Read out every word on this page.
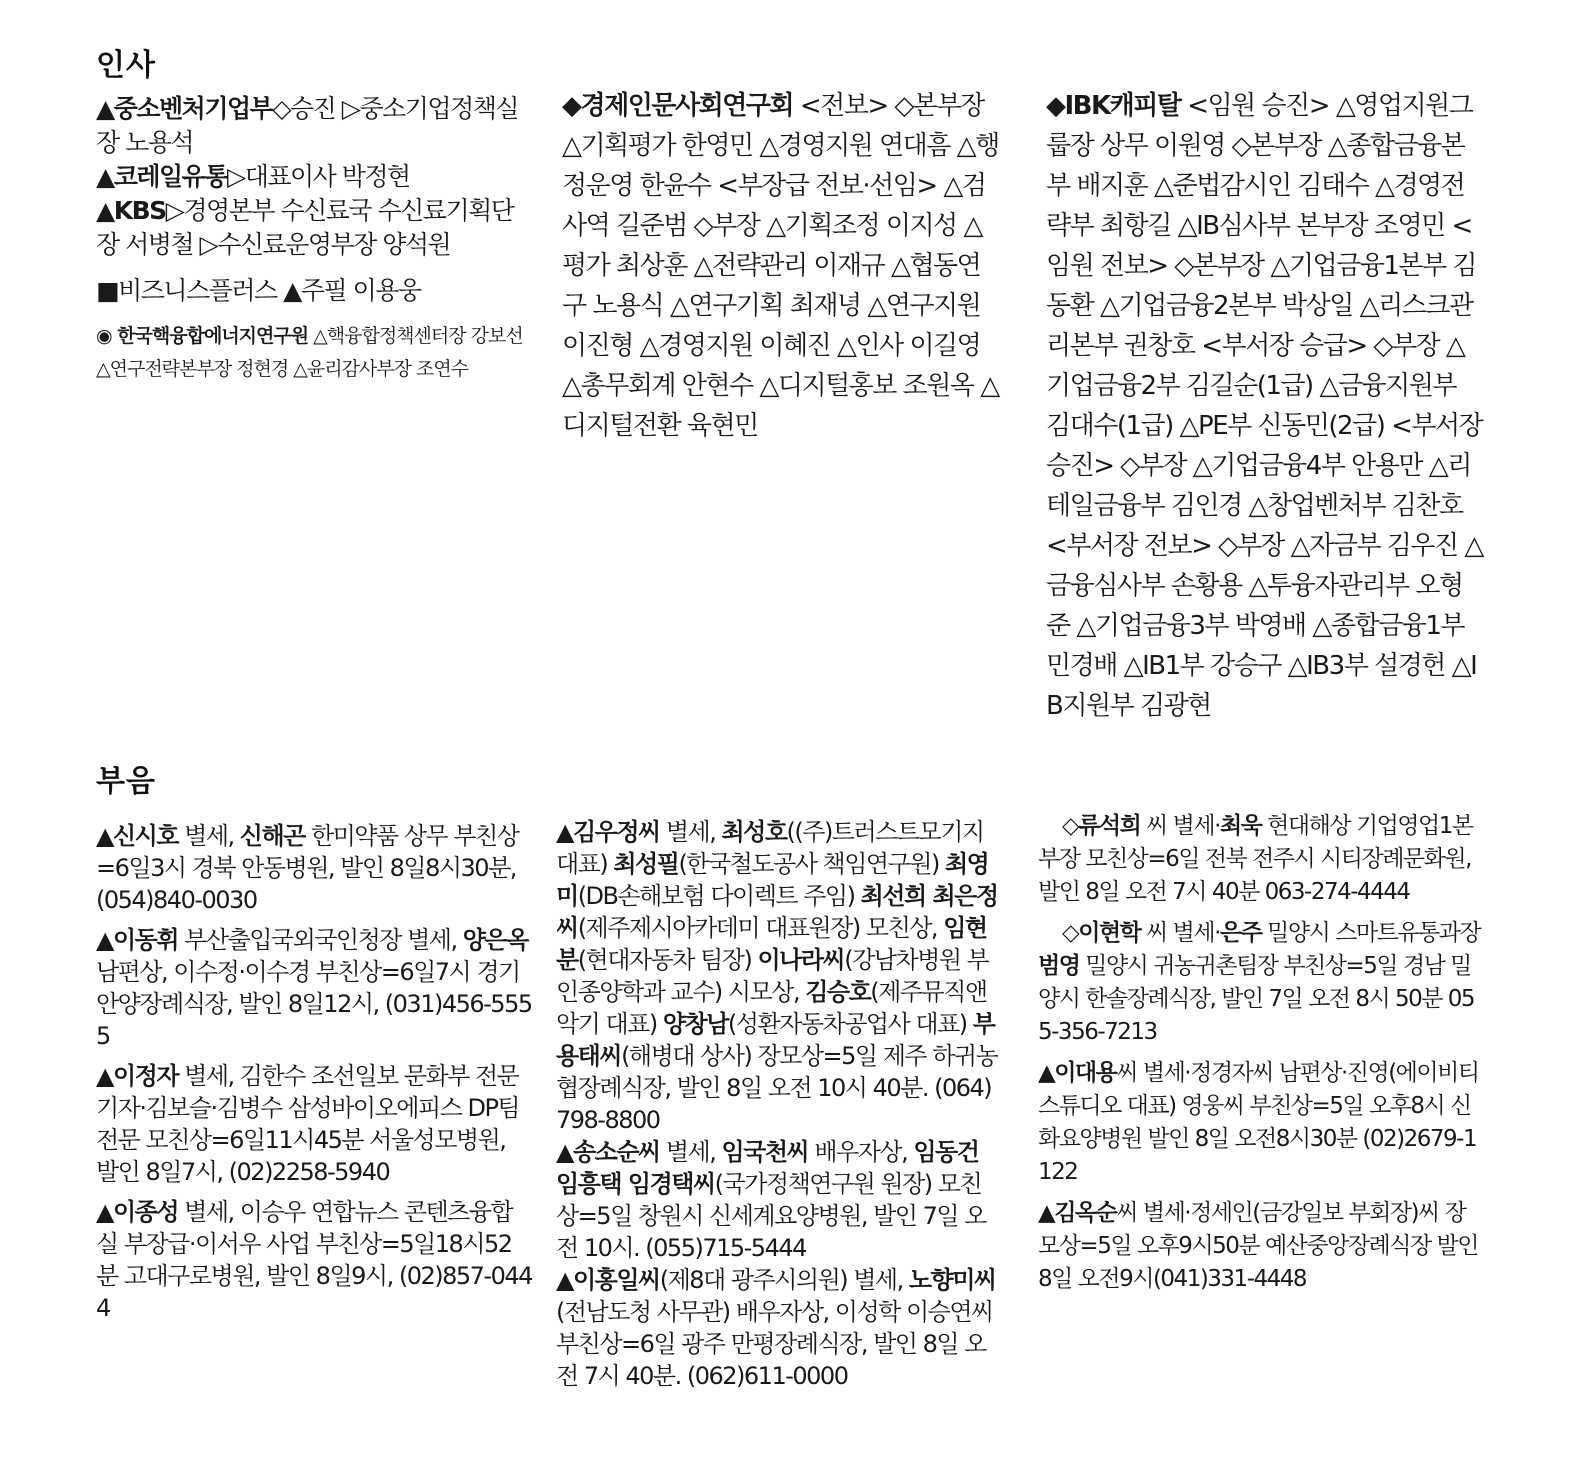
인사

▲중소벤처기업부◇승진 ▷중소기업정책실장 노용석

▲코레일유통▷대표이사 박정현

▲KBS▷경영본부 수신료국 수신료기획단장 서병철 ▷수신료운영부장 양석원

■비즈니스플러스 ▲주필 이용웅

◉ 한국핵융합에너지연구원 △핵융합정책센터장 강보선 △연구전략본부장 정현경 △윤리감사부장 조연수

◆경제인문사회연구회 <전보> ◇본부장 △기획평가 한영민 △경영지원 연대흠 △행정운영 한윤수 <부장급 전보·선임> △검사역 길준범 ◇부장 △기획조정 이지성 △평가 최상훈 △전략관리 이재규 △협동연구 노용식 △연구기획 최재녕 △연구지원 이진형 △경영지원 이혜진 △인사 이길영 △총무회계 안현수 △디지털홍보 조원옥 △디지털전환 육현민

◆IBK캐피탈 <임원 승진> △영업지원그룹장 상무 이원영 ◇본부장 △종합금융본부 배지훈 △준법감시인 김태수 △경영전략부 최항길 △IB심사부 본부장 조영민 <임원 전보> ◇본부장 △기업금융1본부 김동환 △기업금융2본부 박상일 △리스크관리본부 권창호 <부서장 승급> ◇부장 △기업금융2부 김길순(1급) △금융지원부 김대수(1급) △PE부 신동민(2급) <부서장 승진> ◇부장 △기업금융4부 안용만 △리테일금융부 김인경 △창업벤처부 김찬호 <부서장 전보> ◇부장 △자금부 김우진 △금융심사부 손황용 △투융자관리부 오형준 △기업금융3부 박영배 △종합금융1부 민경배 △IB1부 강승구 △IB3부 설경헌 △IB지원부 김광현

부음

▲신시호 별세, 신해곤 한미약품 상무 부친상=6일3시 경북 안동병원, 발인 8일8시30분, (054)840-0030

▲이동휘 부산출입국외국인청장 별세, 양은옥 남편상, 이수정·이수경 부친상=6일7시 경기 안양장례식장, 발인 8일12시, (031)456-5555

▲이정자 별세, 김한수 조선일보 문화부 전문기자·김보슬·김병수 삼성바이오에피스 DP팀 전문 모친상=6일11시45분 서울성모병원, 발인 8일7시, (02)2258-5940

▲이종성 별세, 이승우 연합뉴스 콘텐츠융합실 부장급·이서우 사업 부친상=5일18시52분 고대구로병원, 발인 8일9시, (02)857-0444

▲김우정씨 별세, 최성호((주)트러스트모기지 대표) 최성필(한국철도공사 책임연구원) 최영미(DB손해보험 다이렉트 주임) 최선희 최은정씨(제주제시아카데미 대표원장) 모친상, 임현분(현대자동차 팀장) 이나라씨(강남차병원 부인종양학과 교수) 시모상, 김승호(제주뮤직앤악기 대표) 양창남(성환자동차공업사 대표) 부용태씨(해병대 상사) 장모상=5일 제주 하귀농협장례식장, 발인 8일 오전 10시 40분. (064)798-8800

▲송소순씨 별세, 임국천씨 배우자상, 임동건 임흥택 임경택씨(국가정책연구원 원장) 모친상=5일 창원시 신세계요양병원, 발인 7일 오전 10시. (055)715-5444

▲이홍일씨(제8대 광주시의원) 별세, 노향미씨(전남도청 사무관) 배우자상, 이성학 이승연씨 부친상=6일 광주 만평장례식장, 발인 8일 오전 7시 40분. (062)611-0000

◇류석희 씨 별세·최욱 현대해상 기업영업1본부장 모친상=6일 전북 전주시 시티장례문화원, 발인 8일 오전 7시 40분 063-274-4444

◇이현학 씨 별세·은주 밀양시 스마트유통과장 범영 밀양시 귀농귀촌팀장 부친상=5일 경남 밀양시 한솔장례식장, 발인 7일 오전 8시 50분 055-356-7213

▲이대용씨 별세·정경자씨 남편상·진영(에이비티스튜디오 대표) 영웅씨 부친상=5일 오후8시 신화요양병원 발인 8일 오전8시30분 (02)2679-1122

▲김옥순씨 별세·정세인(금강일보 부회장)씨 장모상=5일 오후9시50분 예산중앙장례식장 발인 8일 오전9시(041)331-4448
